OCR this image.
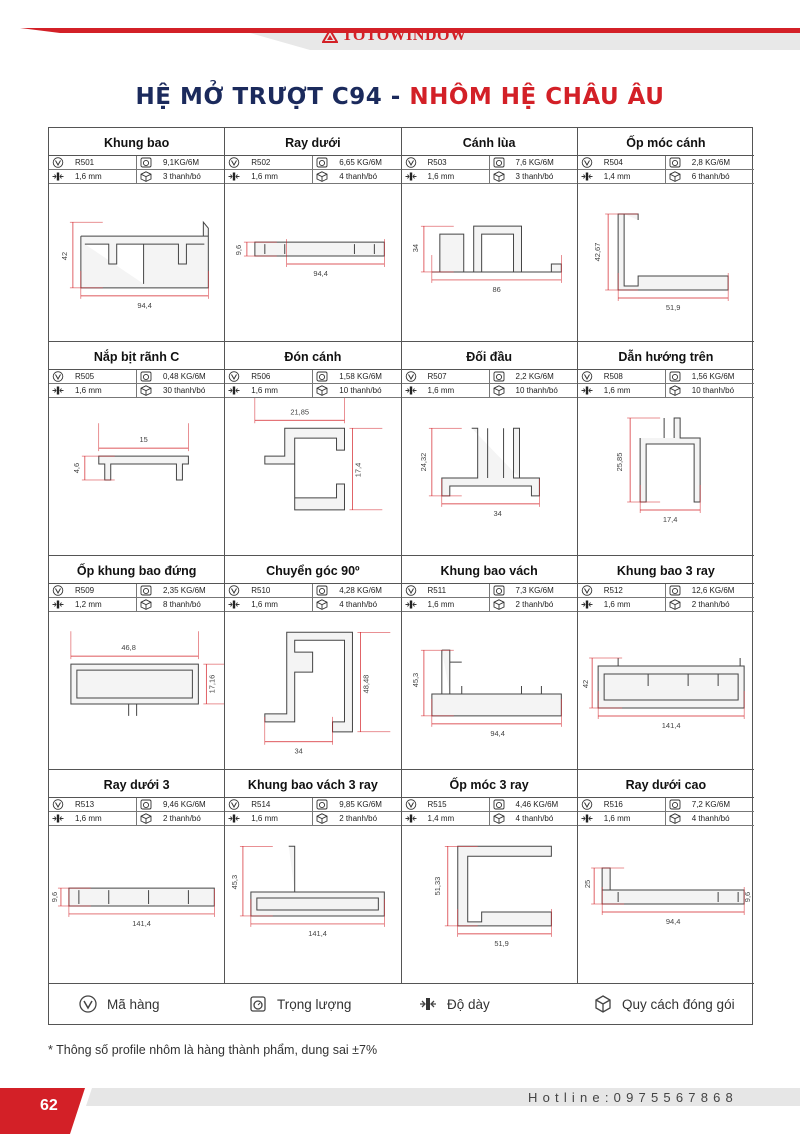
TOTOWINDOW
HỆ MỞ TRƯỢT C94 - NHÔM HỆ CHÂU ÂU
Mã hàng	Trọng lượng	Độ dày	Quy cách đóng gói
Khung bao
R501	9,1KG/6M
1,6 mm	3 thanh/bó
42
94,4
Ray dưới
R502	6,65 KG/6M
1,6 mm	4 thanh/bó
9,6
94,4
Cánh lùa
R503	7,6 KG/6M
1,6 mm	3 thanh/bó
34
86
Ốp móc cánh
R504	2,8 KG/6M
1,4 mm	6 thanh/bó
42,67
51,9
Nắp bịt rãnh C
R505	0,48 KG/6M
1,6 mm	30 thanh/bó
4,6
15
Đón cánh
R506	1,58 KG/6M
1,6 mm	10 thanh/bó
17,4
21,85
Đối đầu
R507	2,2 KG/6M
1,6 mm	10 thanh/bó
24,32
34
Dẫn hướng trên
R508	1,56 KG/6M
1,6 mm	10 thanh/bó
25,85
17,4
Ốp khung bao đứng
R509	2,35 KG/6M
1,2 mm	8 thanh/bó
17,16
46,8
Chuyển góc 90º
R510	4,28 KG/6M
1,6 mm	4 thanh/bó
48,48
34
Khung bao vách
R511	7,3 KG/6M
1,6 mm	2 thanh/bó
45,3
94,4
Khung bao 3 ray
R512	12,6 KG/6M
1,6 mm	2 thanh/bó
42
141,4
Ray dưới 3
R513	9,46 KG/6M
1,6 mm	2 thanh/bó
9,6
141,4
Khung bao vách 3 ray
R514	9,85 KG/6M
1,6 mm	2 thanh/bó
45,3
141,4
Ốp móc 3 ray
R515	4,46 KG/6M
1,4 mm	4 thanh/bó
51,33
51,9
Ray dưới cao
R516	7,2 KG/6M
1,6 mm	4 thanh/bó
25
9,6
94,4
* Thông số profile nhôm là hàng thành phẩm, dung sai ±7%
62	Hotline:0975567868
